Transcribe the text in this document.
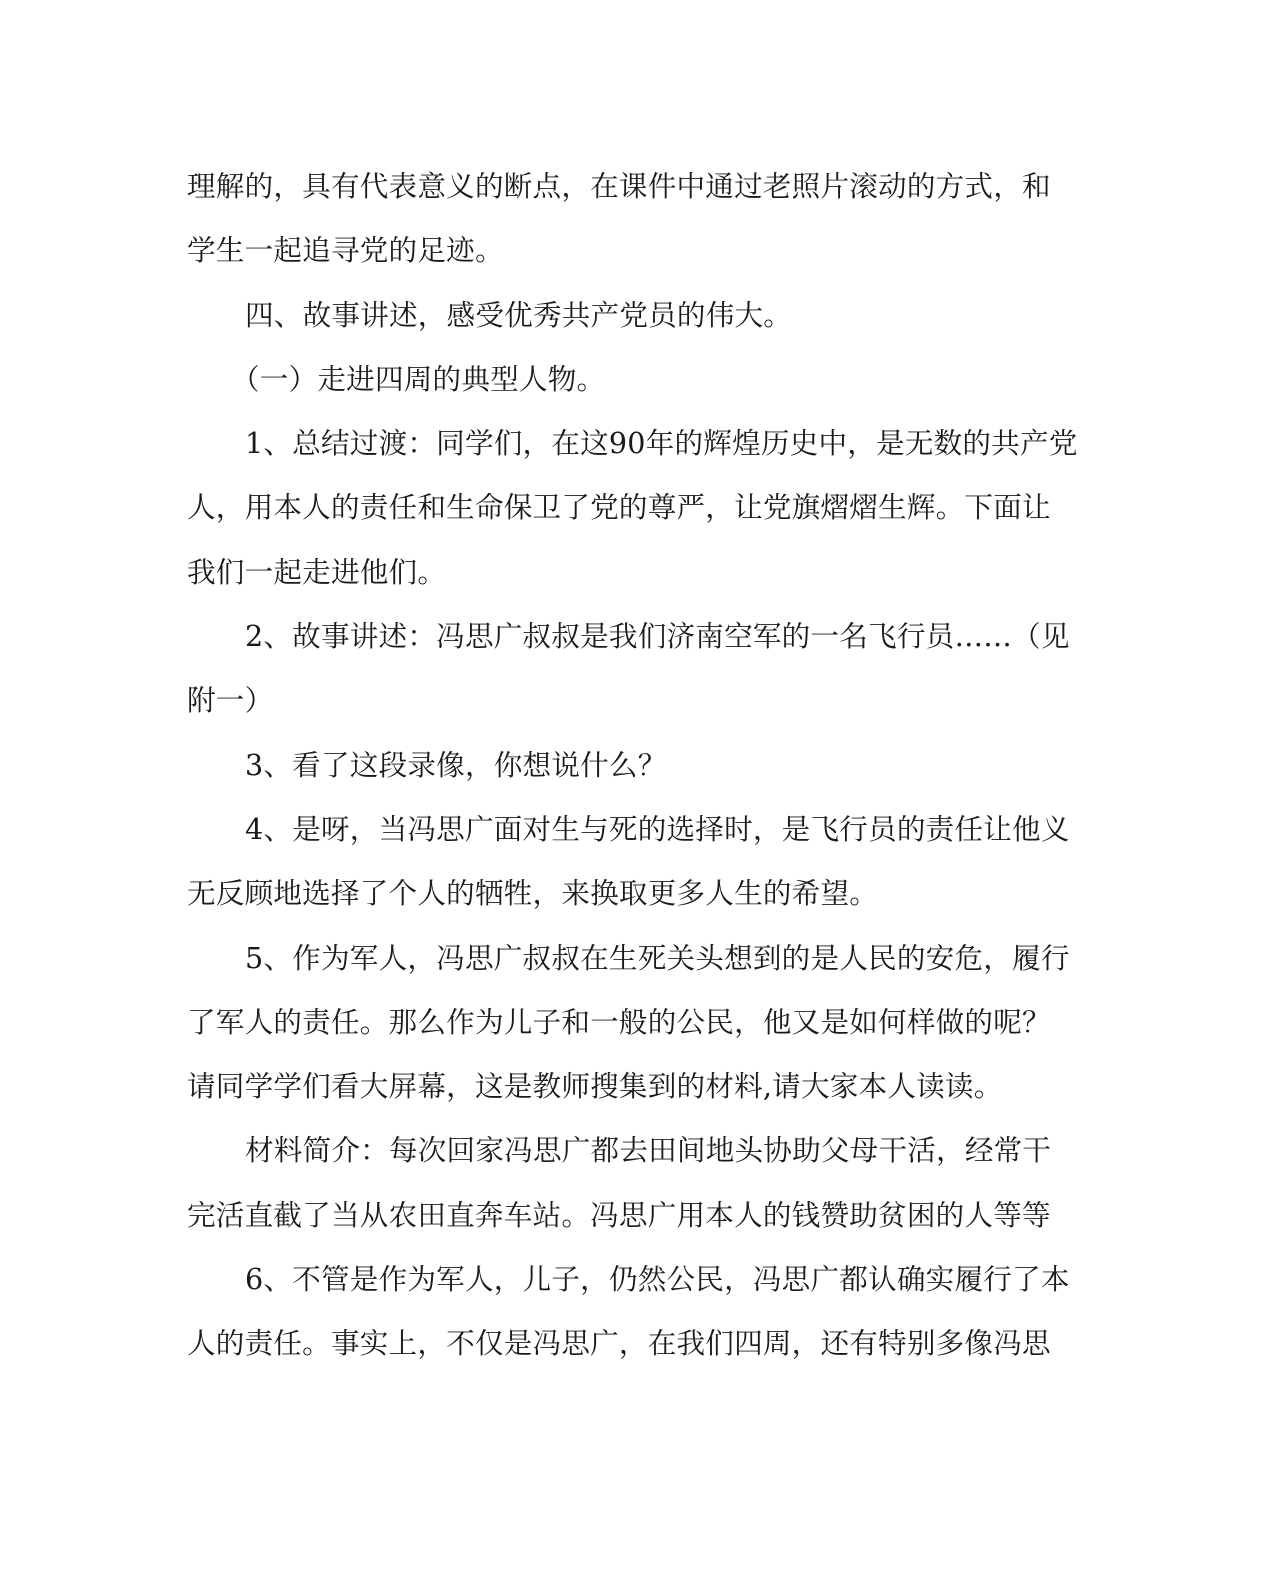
理解的，具有代表意义的断点，在课件中通过老照片滚动的方式，和

学生一起追寻党的足迹。

四、故事讲述，感受优秀共产党员的伟大。

（一）走进四周的典型人物。

1、总结过渡：同学们，在这90年的辉煌历史中，是无数的共产党

人，用本人的责任和生命保卫了党的尊严，让党旗熠熠生辉。下面让

我们一起走进他们。

2、故事讲述：冯思广叔叔是我们济南空军的一名飞行员……（见

附一）

3、看了这段录像，你想说什么？

4、是呀，当冯思广面对生与死的选择时，是飞行员的责任让他义

无反顾地选择了个人的牺牲，来换取更多人生的希望。

5、作为军人，冯思广叔叔在生死关头想到的是人民的安危，履行

了军人的责任。那么作为儿子和一般的公民，他又是如何样做的呢？

请同学学们看大屏幕，这是教师搜集到的材料,请大家本人读读。

材料简介：每次回家冯思广都去田间地头协助父母干活，经常干

完活直截了当从农田直奔车站。冯思广用本人的钱赞助贫困的人等等

6、不管是作为军人，儿子，仍然公民，冯思广都认确实履行了本

人的责任。事实上，不仅是冯思广，在我们四周，还有特别多像冯思
